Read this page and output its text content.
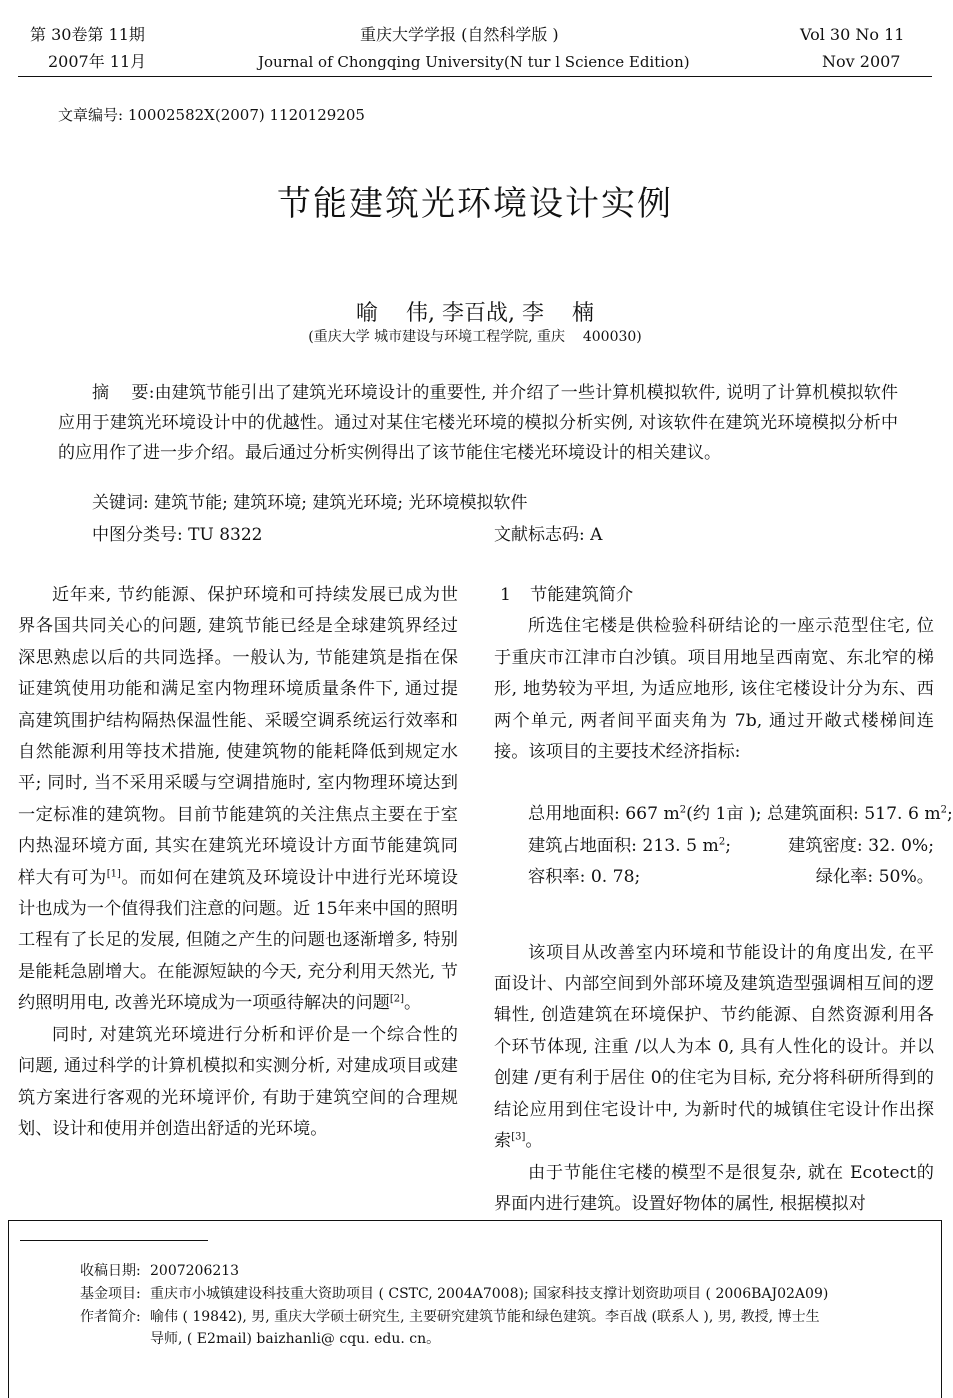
第 30卷第 11期
2007年 11月
重庆大学学报 (自然科学版 )
Journal of Chongqing University(N tur l Science Edition)
Vol 30 No 11
Nov 2007
文章编号: 10002582X(2007) 1120129205
节能建筑光环境设计实例
喻    伟, 李百战, 李    楠
(重庆大学 城市建设与环境工程学院, 重庆    400030)

摘    要:由建筑节能引出了建筑光环境设计的重要性, 并介绍了一些计算机模拟软件, 说明了计算机模拟软件应用于建筑光环境设计中的优越性。通过对某住宅楼光环境的模拟分析实例, 对该软件在建筑光环境模拟分析中的应用作了进一步介绍。最后通过分析实例得出了该节能住宅楼光环境设计的相关建议。

关键词: 建筑节能; 建筑环境; 建筑光环境; 光环境模拟软件
中图分类号: TU 8322	文献标志码: A

近年来, 节约能源、保护环境和可持续发展已成为世界各国共同关心的问题, 建筑节能已经是全球建筑界经过深思熟虑以后的共同选择。一般认为, 节能建筑是指在保证建筑使用功能和满足室内物理环境质量条件下, 通过提高建筑围护结构隔热保温性能、采暖空调系统运行效率和自然能源利用等技术措施, 使建筑物的能耗降低到规定水平; 同时, 当不采用采暖与空调措施时, 室内物理环境达到一定标准的建筑物。目前节能建筑的关注焦点主要在于室内热湿环境方面, 其实在建筑光环境设计方面节能建筑同样大有可为[1]。而如何在建筑及环境设计中进行光环境设计也成为一个值得我们注意的问题。近 15年来中国的照明工程有了长足的发展, 但随之产生的问题也逐渐增多, 特别是能耗急剧增大。在能源短缺的今天, 充分利用天然光, 节约照明用电, 改善光环境成为一项亟待解决的问题[2]。

同时, 对建筑光环境进行分析和评价是一个综合性的问题, 通过科学的计算机模拟和实测分析, 对建成项目或建筑方案进行客观的光环境评价, 有助于建筑空间的合理规划、设计和使用并创造出舒适的光环境。

1 节能建筑简介

所选住宅楼是供检验科研结论的一座示范型住宅, 位于重庆市江津市白沙镇。项目用地呈西南宽、东北窄的梯形, 地势较为平坦, 为适应地形, 该住宅楼设计分为东、西两个单元, 两者间平面夹角为 7b, 通过开敞式楼梯间连接。该项目的主要技术经济指标:

总用地面积: 667 $m^2$(约 1亩 ); 总建筑面积: 517. 6 $m^2$;

建筑占地面积: 213. 5 $m^2$;	建筑密度: 32. 0%;

容积率: 0. 78;	绿化率: 50%。

该项目从改善室内环境和节能设计的角度出发, 在平面设计、内部空间到外部环境及建筑造型强调相互间的逻辑性, 创造建筑在环境保护、节约能源、自然资源利用各个环节体现, 注重 /以人为本 0, 具有人性化的设计。并以创建 /更有利于居住 0的住宅为目标, 充分将科研所得到的结论应用到住宅设计中, 为新时代的城镇住宅设计作出探索[3]。

由于节能住宅楼的模型不是很复杂, 就在 Ecotect的界面内进行建筑。设置好物体的属性, 根据模拟对

收稿日期: 2007206213
基金项目: 重庆市小城镇建设科技重大资助项目 ( CSTC, 2004A7008); 国家科技支撑计划资助项目 ( 2006BAJ02A09)
作者简介: 喻伟 ( 19842), 男, 重庆大学硕士研究生, 主要研究建筑节能和绿色建筑。李百战 (联系人 ), 男, 教授, 博士生
导师, ( E2mail) baizhanli@ cqu. edu. cn。
